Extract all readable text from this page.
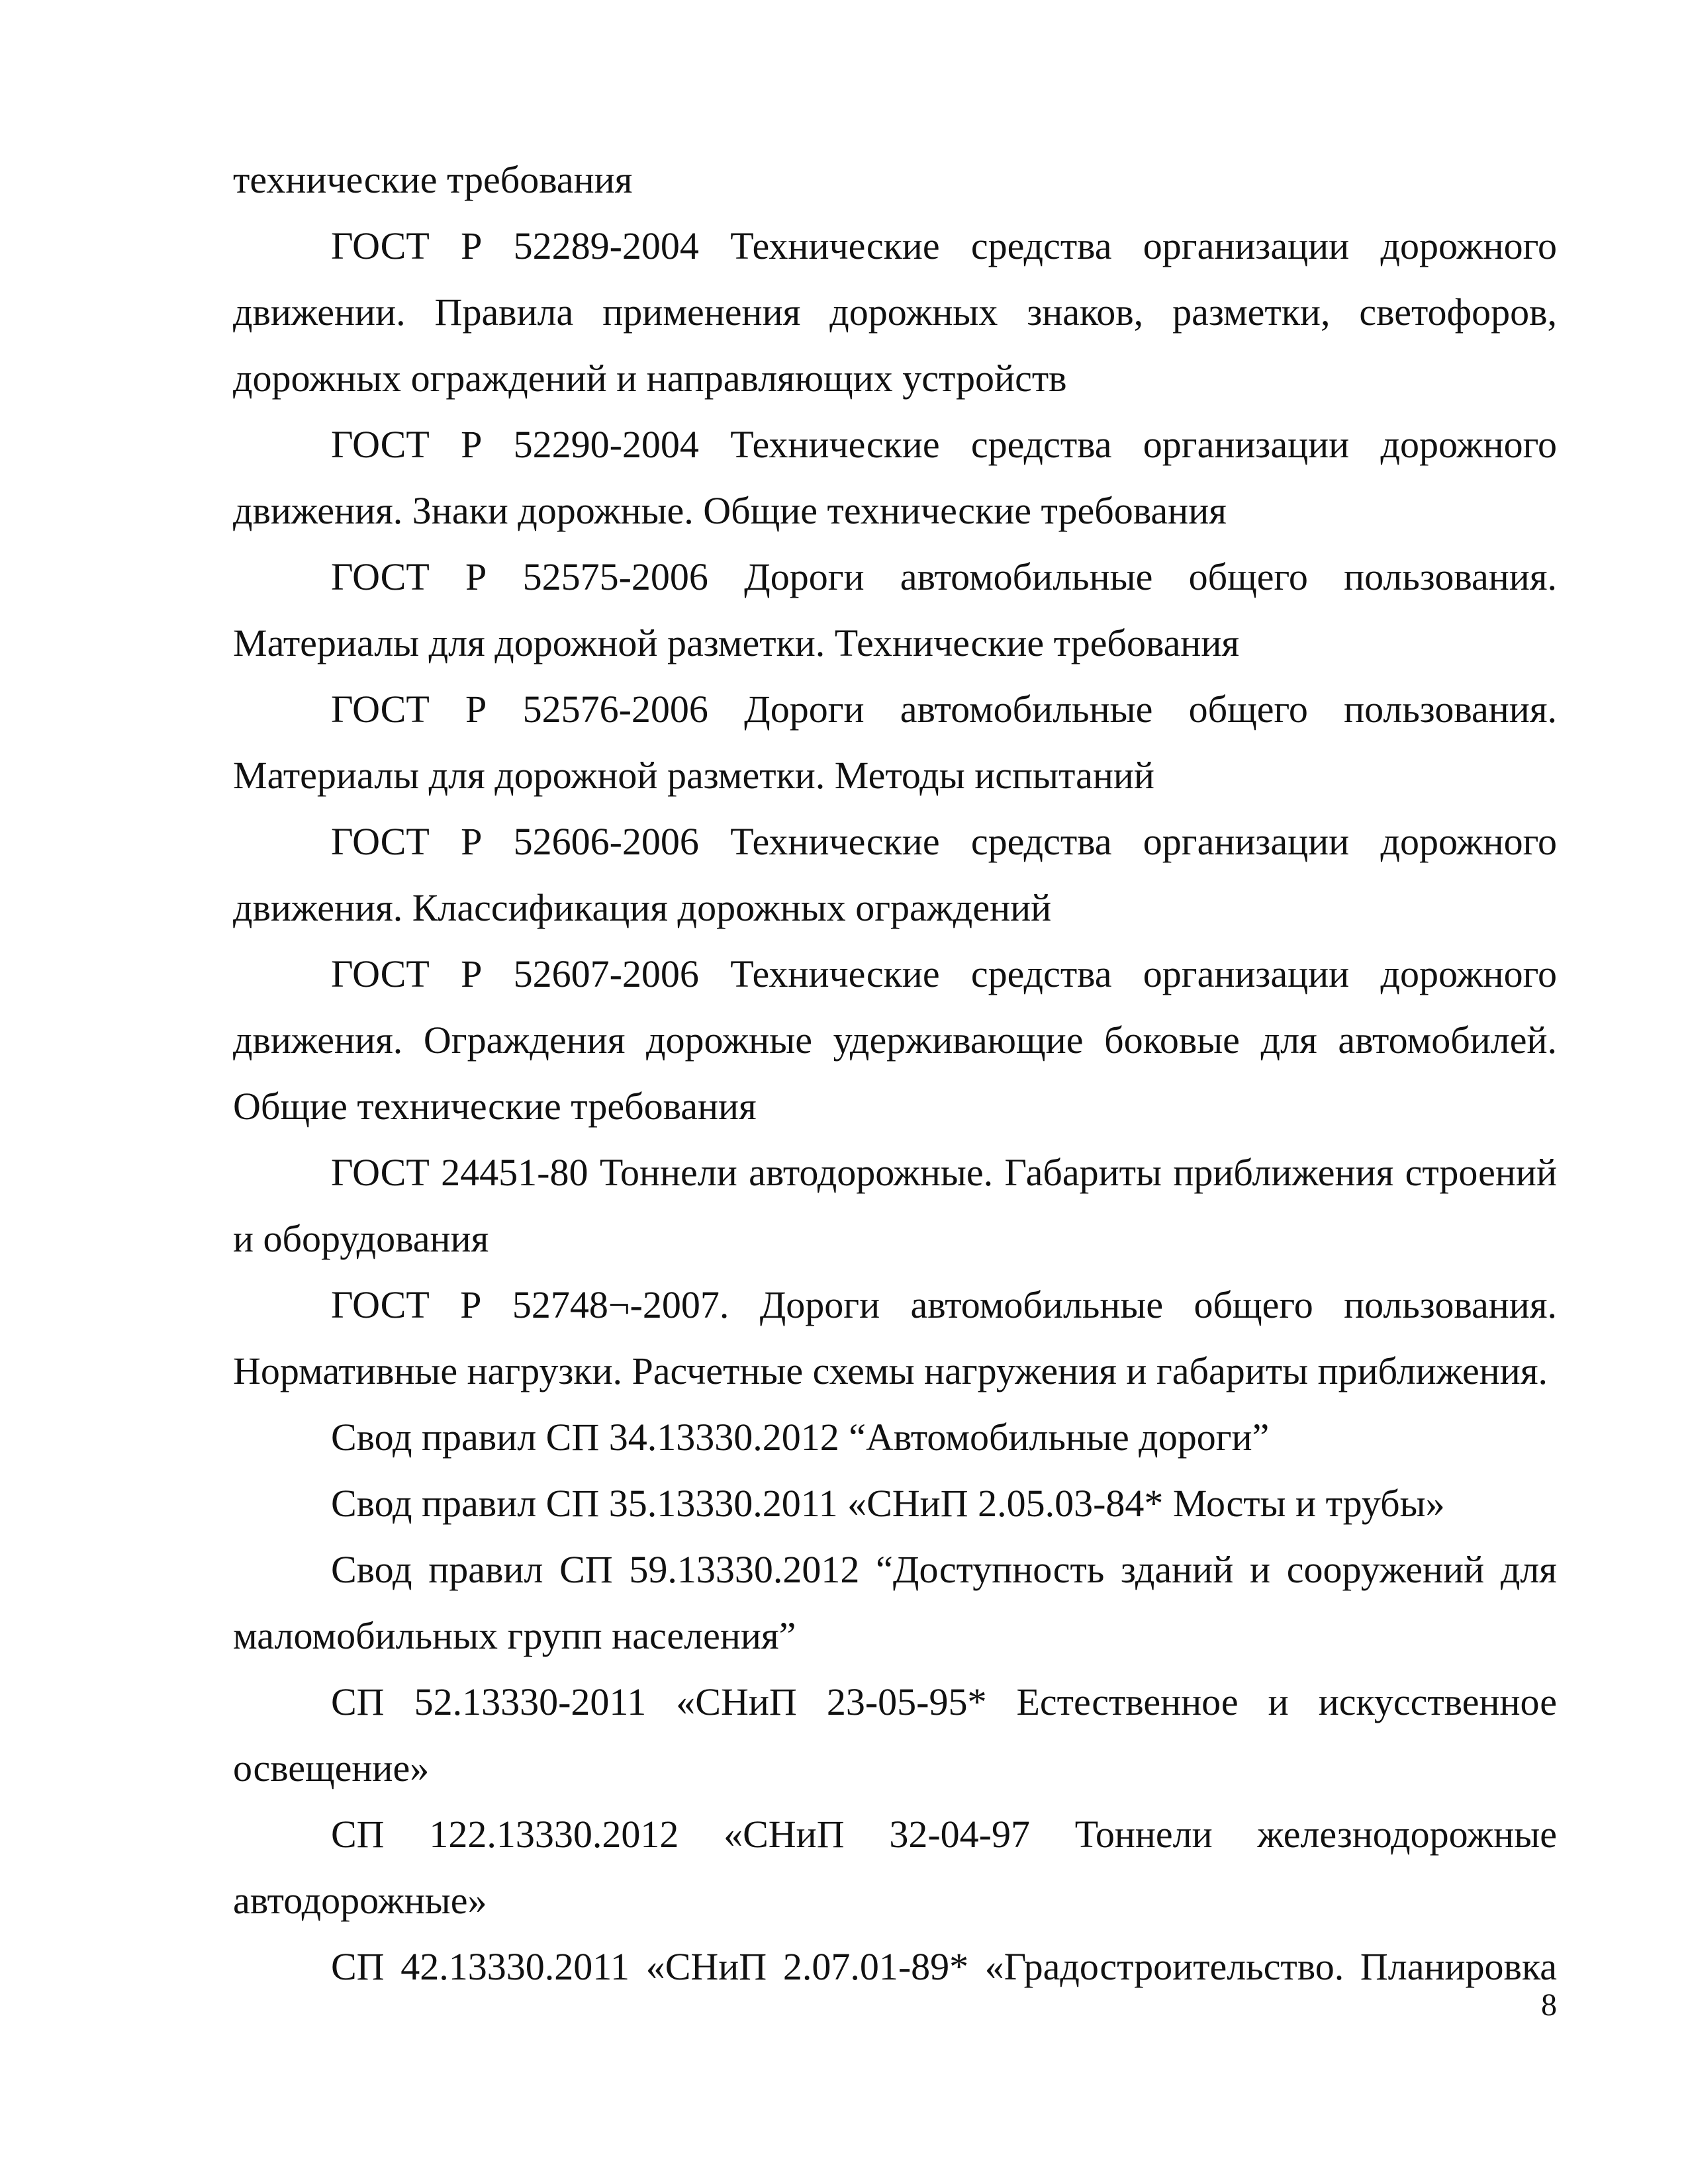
технические требования

ГОСТ Р 52289-2004 Технические средства организации дорожного движении. Правила применения дорожных знаков, разметки, светофоров, дорожных ограждений и направляющих устройств

ГОСТ Р 52290-2004 Технические средства организации дорожного движения. Знаки дорожные. Общие технические требования

ГОСТ Р 52575-2006 Дороги автомобильные общего пользования. Материалы для дорожной разметки. Технические требования

ГОСТ Р 52576-2006 Дороги автомобильные общего пользования. Материалы для дорожной разметки. Методы испытаний

ГОСТ Р 52606-2006 Технические средства организации дорожного движения. Классификация дорожных ограждений

ГОСТ Р 52607-2006 Технические средства организации дорожного движения. Ограждения дорожные удерживающие боковые для автомобилей. Общие технические требования

ГОСТ 24451-80 Тоннели автодорожные. Габариты приближения строений и оборудования

ГОСТ Р 52748¬-2007. Дороги автомобильные общего пользования. Нормативные нагрузки. Расчетные схемы нагружения и габариты приближения.

Свод правил СП 34.13330.2012 “Автомобильные дороги”

Свод правил СП 35.13330.2011 «СНиП 2.05.03-84* Мосты и трубы»

Свод правил СП 59.13330.2012 “Доступность зданий и сооружений для маломобильных групп населения”

СП 52.13330-2011 «СНиП 23-05-95* Естественное и искусственное освещение»

СП 122.13330.2012 «СНиП 32-04-97 Тоннели железнодорожные автодорожные»

СП 42.13330.2011 «СНиП 2.07.01-89* «Градостроительство. Планировка

8
